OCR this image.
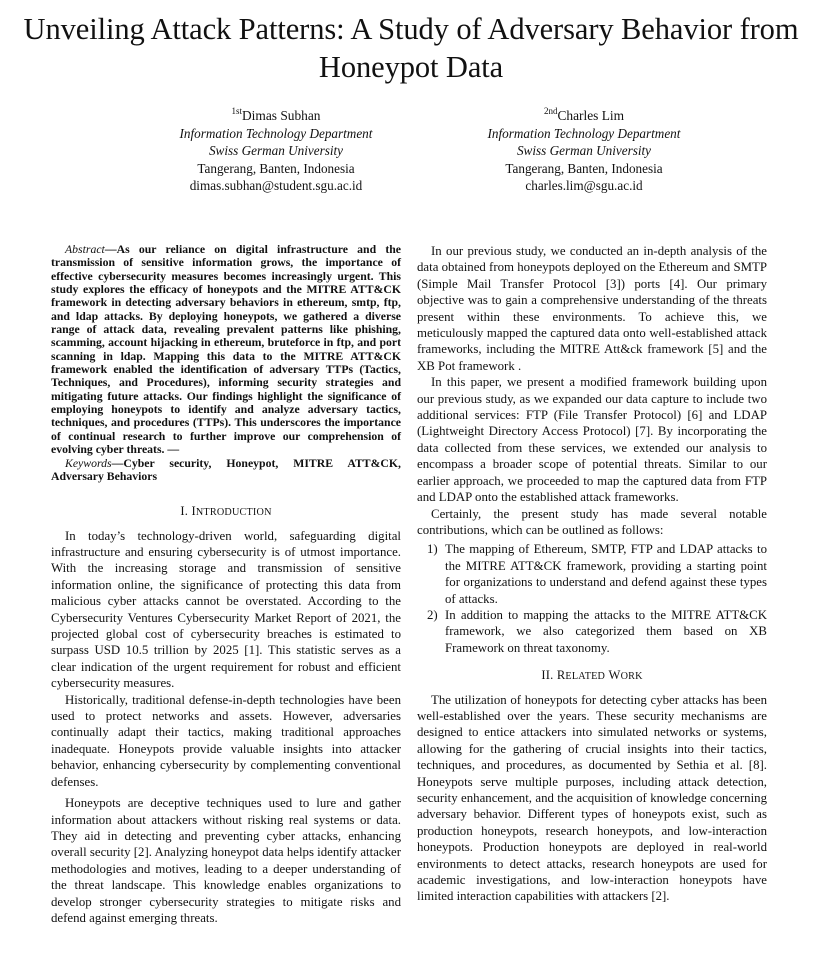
Unveiling Attack Patterns: A Study of Adversary Behavior from Honeypot Data
$^{1st}$Dimas Subhan
Information Technology Department
Swiss German University
Tangerang, Banten, Indonesia
dimas.subhan@student.sgu.ac.id
$^{2nd}$Charles Lim
Information Technology Department
Swiss German University
Tangerang, Banten, Indonesia
charles.lim@sgu.ac.id

Abstract—As our reliance on digital infrastructure and the transmission of sensitive information grows, the importance of effective cybersecurity measures becomes increasingly urgent. This study explores the efficacy of honeypots and the MITRE ATT&CK framework in detecting adversary behaviors in ethereum, smtp, ftp, and ldap attacks. By deploying honeypots, we gathered a diverse range of attack data, revealing prevalent patterns like phishing, scamming, account hijacking in ethereum, bruteforce in ftp, and port scanning in ldap. Mapping this data to the MITRE ATT&CK framework enabled the identification of adversary TTPs (Tactics, Techniques, and Procedures), informing security strategies and mitigating future attacks. Our findings highlight the significance of employing honeypots to identify and analyze adversary tactics, techniques, and procedures (TTPs). This underscores the importance of continual research to further improve our comprehension of evolving cyber threats. —

Keywords—Cyber security, Honeypot, MITRE ATT&CK, Adversary Behaviors

I. INTRODUCTION

In today’s technology-driven world, safeguarding digital infrastructure and ensuring cybersecurity is of utmost importance. With the increasing storage and transmission of sensitive information online, the significance of protecting this data from malicious cyber attacks cannot be overstated. According to the Cybersecurity Ventures Cybersecurity Market Report of 2021, the projected global cost of cybersecurity breaches is estimated to surpass USD 10.5 trillion by 2025 [1]. This statistic serves as a clear indication of the urgent requirement for robust and efficient cybersecurity measures.

Historically, traditional defense-in-depth technologies have been used to protect networks and assets. However, adversaries continually adapt their tactics, making traditional approaches inadequate. Honeypots provide valuable insights into attacker behavior, enhancing cybersecurity by complementing conventional defenses.

Honeypots are deceptive techniques used to lure and gather information about attackers without risking real systems or data. They aid in detecting and preventing cyber attacks, enhancing overall security [2]. Analyzing honeypot data helps identify attacker methodologies and motives, leading to a deeper understanding of the threat landscape. This knowledge enables organizations to develop stronger cybersecurity strategies to mitigate risks and defend against emerging threats.

In our previous study, we conducted an in-depth analysis of the data obtained from honeypots deployed on the Ethereum and SMTP (Simple Mail Transfer Protocol [3]) ports [4]. Our primary objective was to gain a comprehensive understanding of the threats present within these environments. To achieve this, we meticulously mapped the captured data onto well-established attack frameworks, including the MITRE Att&ck framework [5] and the XB Pot framework .

In this paper, we present a modified framework building upon our previous study, as we expanded our data capture to include two additional services: FTP (File Transfer Protocol) [6] and LDAP (Lightweight Directory Access Protocol) [7]. By incorporating the data collected from these services, we extended our analysis to encompass a broader scope of potential threats. Similar to our earlier approach, we proceeded to map the captured data from FTP and LDAP onto the established attack frameworks.

Certainly, the present study has made several notable contributions, which can be outlined as follows:

1) The mapping of Ethereum, SMTP, FTP and LDAP attacks to the MITRE ATT&CK framework, providing a starting point for organizations to understand and defend against these types of attacks.
2) In addition to mapping the attacks to the MITRE ATT&CK framework, we also categorized them based on XB Framework on threat taxonomy.
II. RELATED WORK

The utilization of honeypots for detecting cyber attacks has been well-established over the years. These security mechanisms are designed to entice attackers into simulated networks or systems, allowing for the gathering of crucial insights into their tactics, techniques, and procedures, as documented by Sethia et al. [8]. Honeypots serve multiple purposes, including attack detection, security enhancement, and the acquisition of knowledge concerning adversary behavior. Different types of honeypots exist, such as production honeypots, research honeypots, and low-interaction honeypots. Production honeypots are deployed in real-world environments to detect attacks, research honeypots are used for academic investigations, and low-interaction honeypots have limited interaction capabilities with attackers [2].
